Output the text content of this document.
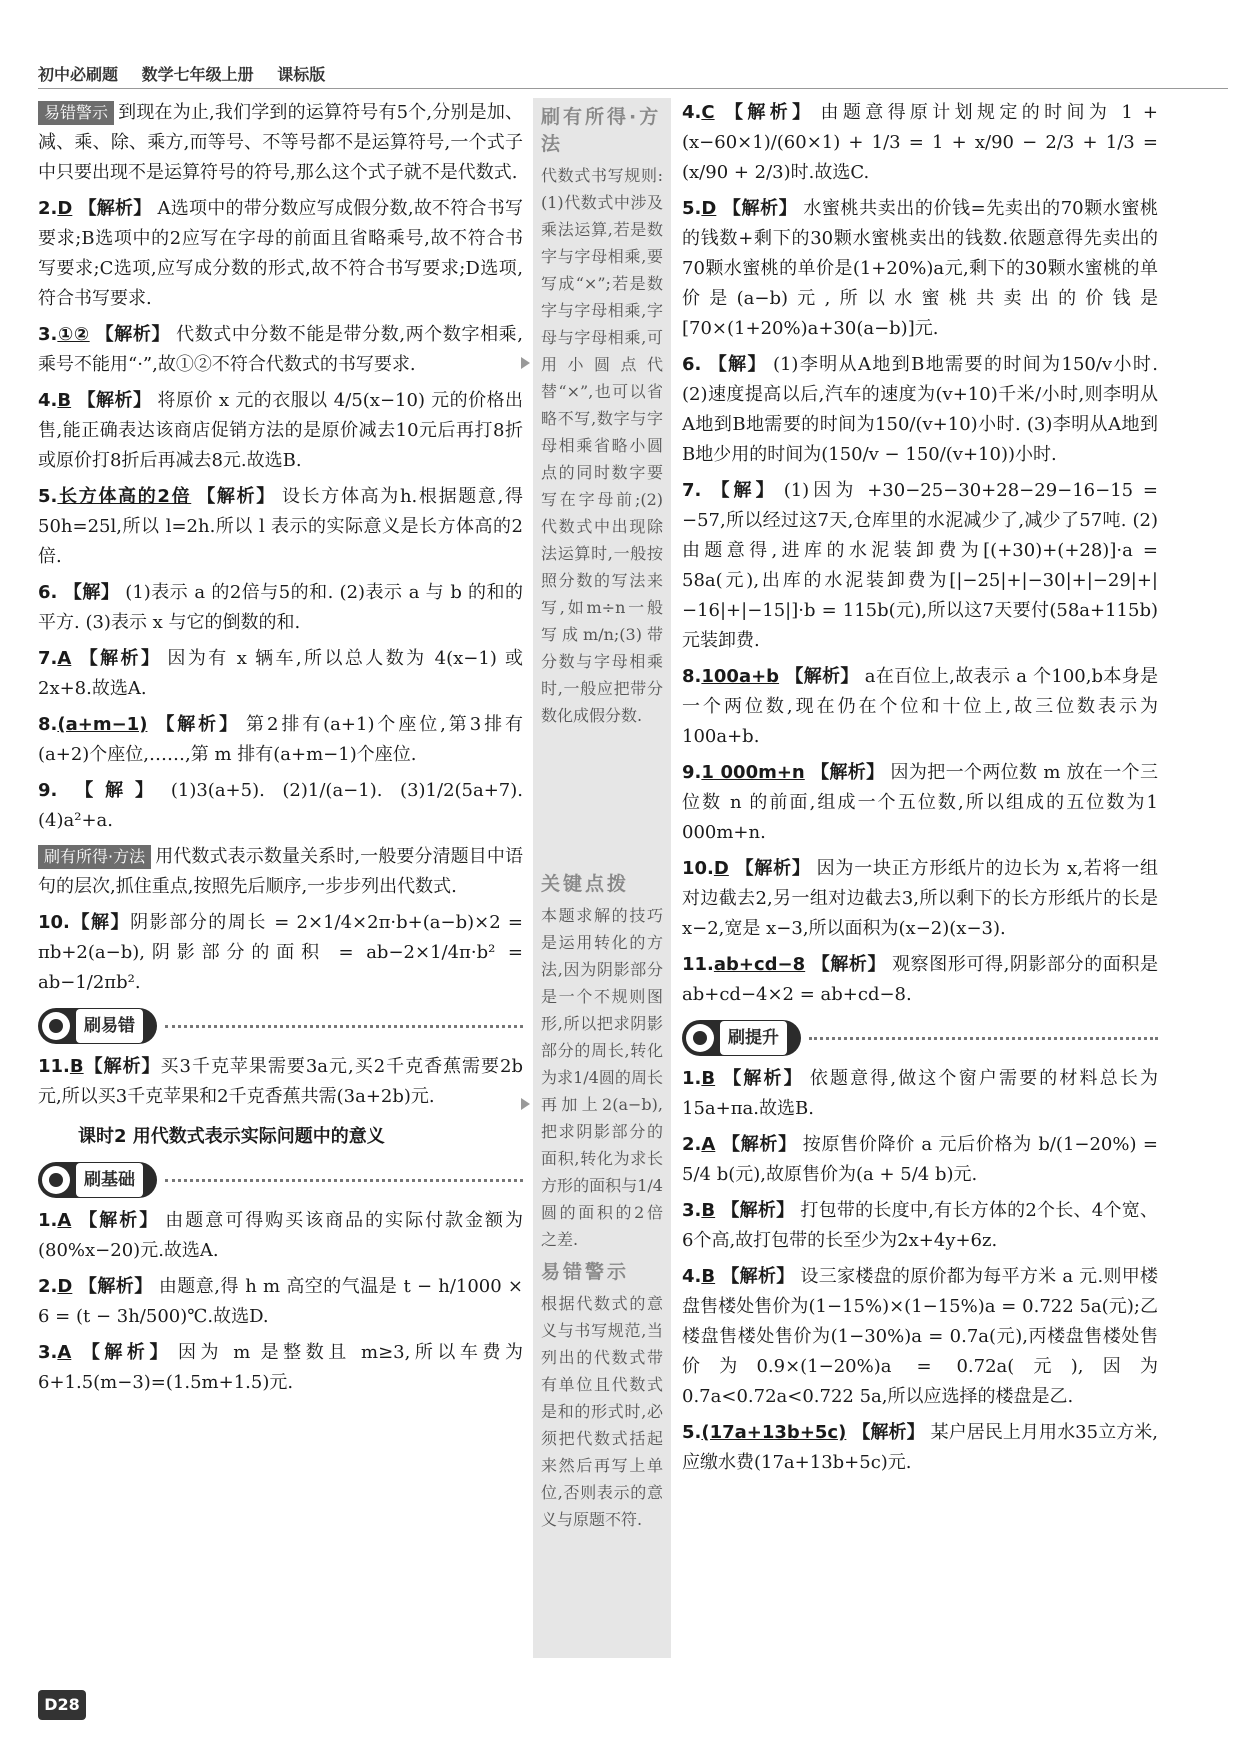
初中必刷题 数学七年级上册 课标版
易错警示 到现在为止,我们学到的运算符号有5个,分别是加、减、乘、除、乘方,而等号、不等号都不是运算符号,一个式子中只要出现不是运算符号的符号,那么这个式子就不是代数式.
2.D 【解析】 A选项中的带分数应写成假分数,故不符合书写要求;B选项中的2应写在字母的前面且省略乘号,故不符合书写要求;C选项,应写成分数的形式,故不符合书写要求;D选项,符合书写要求.
3.①② 【解析】 代数式中分数不能是带分数,两个数字相乘,乘号不能用“·”,故①②不符合代数式的书写要求.
4.B 【解析】 将原价 x 元的衣服以 4/5(x−10) 元的价格出售,能正确表达该商店促销方法的是原价减去10元后再打8折或原价打8折后再减去8元.故选B.
5.长方体高的2倍 【解析】 设长方体高为h.根据题意,得 50h=25l,所以 l=2h.所以 l 表示的实际意义是长方体高的2倍.
6. 【解】 (1)表示 a 的2倍与5的和. (2)表示 a 与 b 的和的平方. (3)表示 x 与它的倒数的和.
7.A 【解析】 因为有 x 辆车,所以总人数为 4(x−1) 或 2x+8.故选A.
8.(a+m−1) 【解析】 第2排有(a+1)个座位,第3排有(a+2)个座位,……,第 m 排有(a+m−1)个座位.
9. 【解】 (1)3(a+5). (2)1/(a−1). (3)1/2(5a+7). (4)a²+a.
刷有所得·方法 用代数式表示数量关系时,一般要分清题目中语句的层次,抓住重点,按照先后顺序,一步步列出代数式.
10.【解】阴影部分的周长 = 2×1/4×2π·b+(a−b)×2 = πb+2(a−b),阴影部分的面积 = ab−2×1/4π·b² = ab−1/2πb².
刷易错
11.B【解析】买3千克苹果需要3a元,买2千克香蕉需要2b元,所以买3千克苹果和2千克香蕉共需(3a+2b)元.
课时2 用代数式表示实际问题中的意义
刷基础
1.A 【解析】 由题意可得购买该商品的实际付款金额为(80%x−20)元.故选A.
2.D 【解析】 由题意,得 h m 高空的气温是 t − h/1000 × 6 = (t − 3h/500)℃.故选D.
3.A 【解析】 因为 m 是整数且 m≥3,所以车费为 6+1.5(m−3)=(1.5m+1.5)元.
刷有所得·方法

代数式书写规则:(1)代数式中涉及乘法运算,若是数字与字母相乘,要写成“×”;若是数字与字母相乘,字母与字母相乘,可用小圆点代替“×”,也可以省略不写,数字与字母相乘省略小圆点的同时数字要写在字母前;(2)代数式中出现除法运算时,一般按照分数的写法来写,如m÷n一般写成m/n;(3)带分数与字母相乘时,一般应把带分数化成假分数.

关键点拨

本题求解的技巧是运用转化的方法,因为阴影部分是一个不规则图形,所以把求阴影部分的周长,转化为求1/4圆的周长再加上2(a−b),把求阴影部分的面积,转化为求长方形的面积与1/4圆的面积的2倍之差.

易错警示

根据代数式的意义与书写规范,当列出的代数式带有单位且代数式是和的形式时,必须把代数式括起来然后再写上单位,否则表示的意义与原题不符.

4.C 【解析】 由题意得原计划规定的时间为 1 + (x−60×1)/(60×1) + 1/3 = 1 + x/90 − 2/3 + 1/3 = (x/90 + 2/3)时.故选C.
5.D 【解析】 水蜜桃共卖出的价钱=先卖出的70颗水蜜桃的钱数+剩下的30颗水蜜桃卖出的钱数.依题意得先卖出的70颗水蜜桃的单价是(1+20%)a元,剩下的30颗水蜜桃的单价是(a−b)元,所以水蜜桃共卖出的价钱是[70×(1+20%)a+30(a−b)]元.
6. 【解】 (1)李明从A地到B地需要的时间为150/v小时. (2)速度提高以后,汽车的速度为(v+10)千米/小时,则李明从A地到B地需要的时间为150/(v+10)小时. (3)李明从A地到B地少用的时间为(150/v − 150/(v+10))小时.
7. 【解】 (1)因为 +30−25−30+28−29−16−15 = −57,所以经过这7天,仓库里的水泥减少了,减少了57吨. (2)由题意得,进库的水泥装卸费为[(+30)+(+28)]·a = 58a(元),出库的水泥装卸费为[|−25|+|−30|+|−29|+|−16|+|−15|]·b = 115b(元),所以这7天要付(58a+115b)元装卸费.
8.100a+b 【解析】 a在百位上,故表示 a 个100,b本身是一个两位数,现在仍在个位和十位上,故三位数表示为100a+b.
9.1 000m+n 【解析】 因为把一个两位数 m 放在一个三位数 n 的前面,组成一个五位数,所以组成的五位数为1 000m+n.
10.D 【解析】 因为一块正方形纸片的边长为 x,若将一组对边截去2,另一组对边截去3,所以剩下的长方形纸片的长是 x−2,宽是 x−3,所以面积为(x−2)(x−3).
11.ab+cd−8 【解析】 观察图形可得,阴影部分的面积是 ab+cd−4×2 = ab+cd−8.
刷提升
1.B 【解析】 依题意得,做这个窗户需要的材料总长为15a+πa.故选B.
2.A 【解析】 按原售价降价 a 元后价格为 b/(1−20%) = 5/4 b(元),故原售价为(a + 5/4 b)元.
3.B 【解析】 打包带的长度中,有长方体的2个长、4个宽、6个高,故打包带的长至少为2x+4y+6z.
4.B 【解析】 设三家楼盘的原价都为每平方米 a 元.则甲楼盘售楼处售价为(1−15%)×(1−15%)a = 0.722 5a(元);乙楼盘售楼处售价为(1−30%)a = 0.7a(元),丙楼盘售楼处售价为0.9×(1−20%)a = 0.72a(元),因为0.7a<0.72a<0.722 5a,所以应选择的楼盘是乙.
5.(17a+13b+5c) 【解析】 某户居民上月用水35立方米,应缴水费(17a+13b+5c)元.
D28
